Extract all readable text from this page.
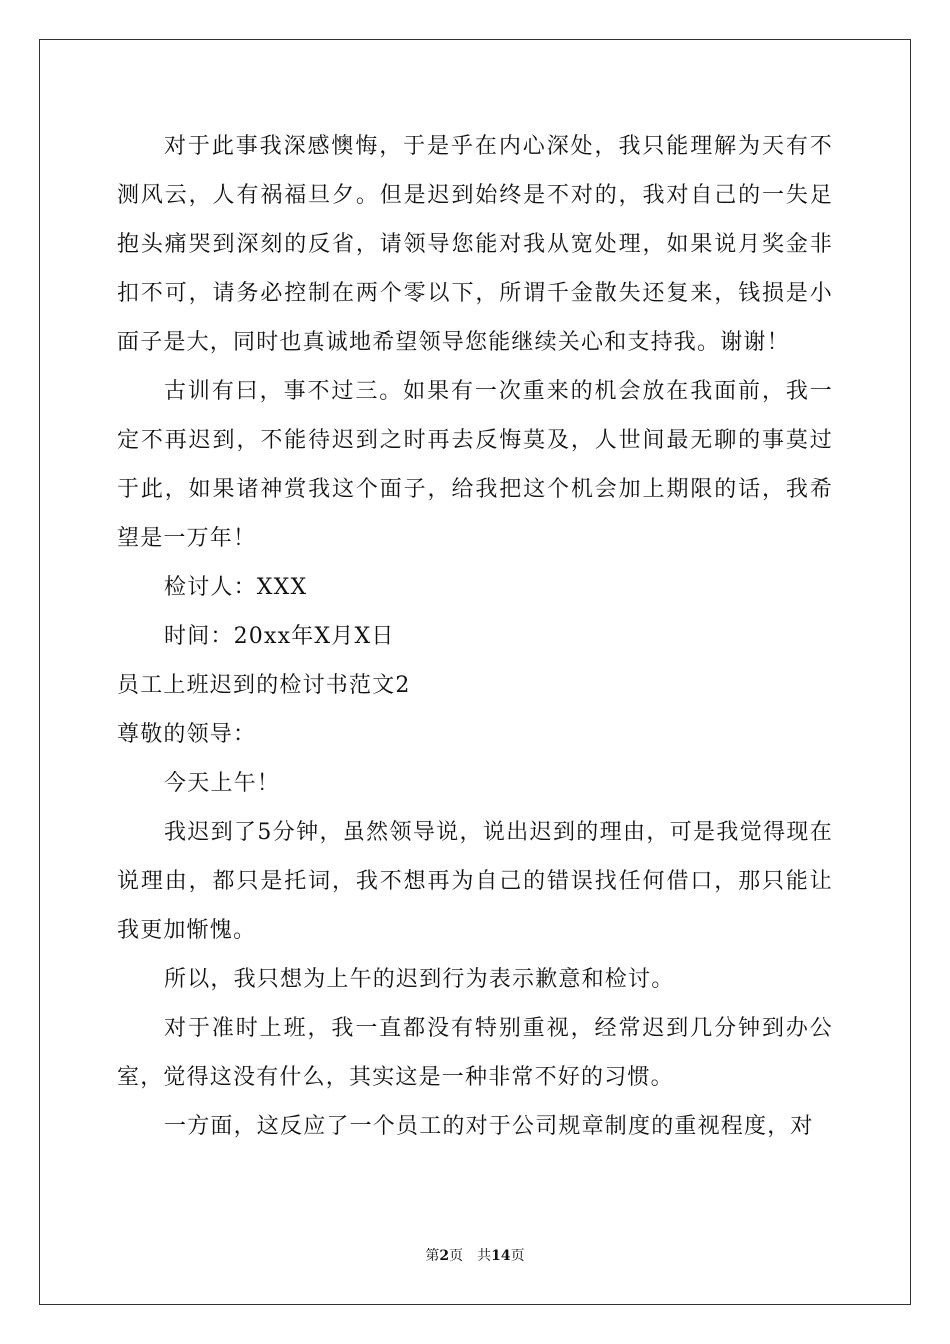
对于此事我深感懊悔，于是乎在内心深处，我只能理解为天有不测风云，人有祸福旦夕。但是迟到始终是不对的，我对自己的一失足抱头痛哭到深刻的反省，请领导您能对我从宽处理，如果说月奖金非扣不可，请务必控制在两个零以下，所谓千金散失还复来，钱损是小面子是大，同时也真诚地希望领导您能继续关心和支持我。谢谢！

古训有曰，事不过三。如果有一次重来的机会放在我面前，我一定不再迟到，不能待迟到之时再去反悔莫及，人世间最无聊的事莫过于此，如果诸神赏我这个面子，给我把这个机会加上期限的话，我希望是一万年！

检讨人：XXX

时间：20xx年X月X日

员工上班迟到的检讨书范文2

尊敬的领导：

今天上午！

我迟到了5分钟，虽然领导说，说出迟到的理由，可是我觉得现在说理由，都只是托词，我不想再为自己的错误找任何借口，那只能让我更加惭愧。

所以，我只想为上午的迟到行为表示歉意和检讨。

对于准时上班，我一直都没有特别重视，经常迟到几分钟到办公室，觉得这没有什么，其实这是一种非常不好的习惯。

一方面，这反应了一个员工的对于公司规章制度的重视程度，对

第2页 共14页
